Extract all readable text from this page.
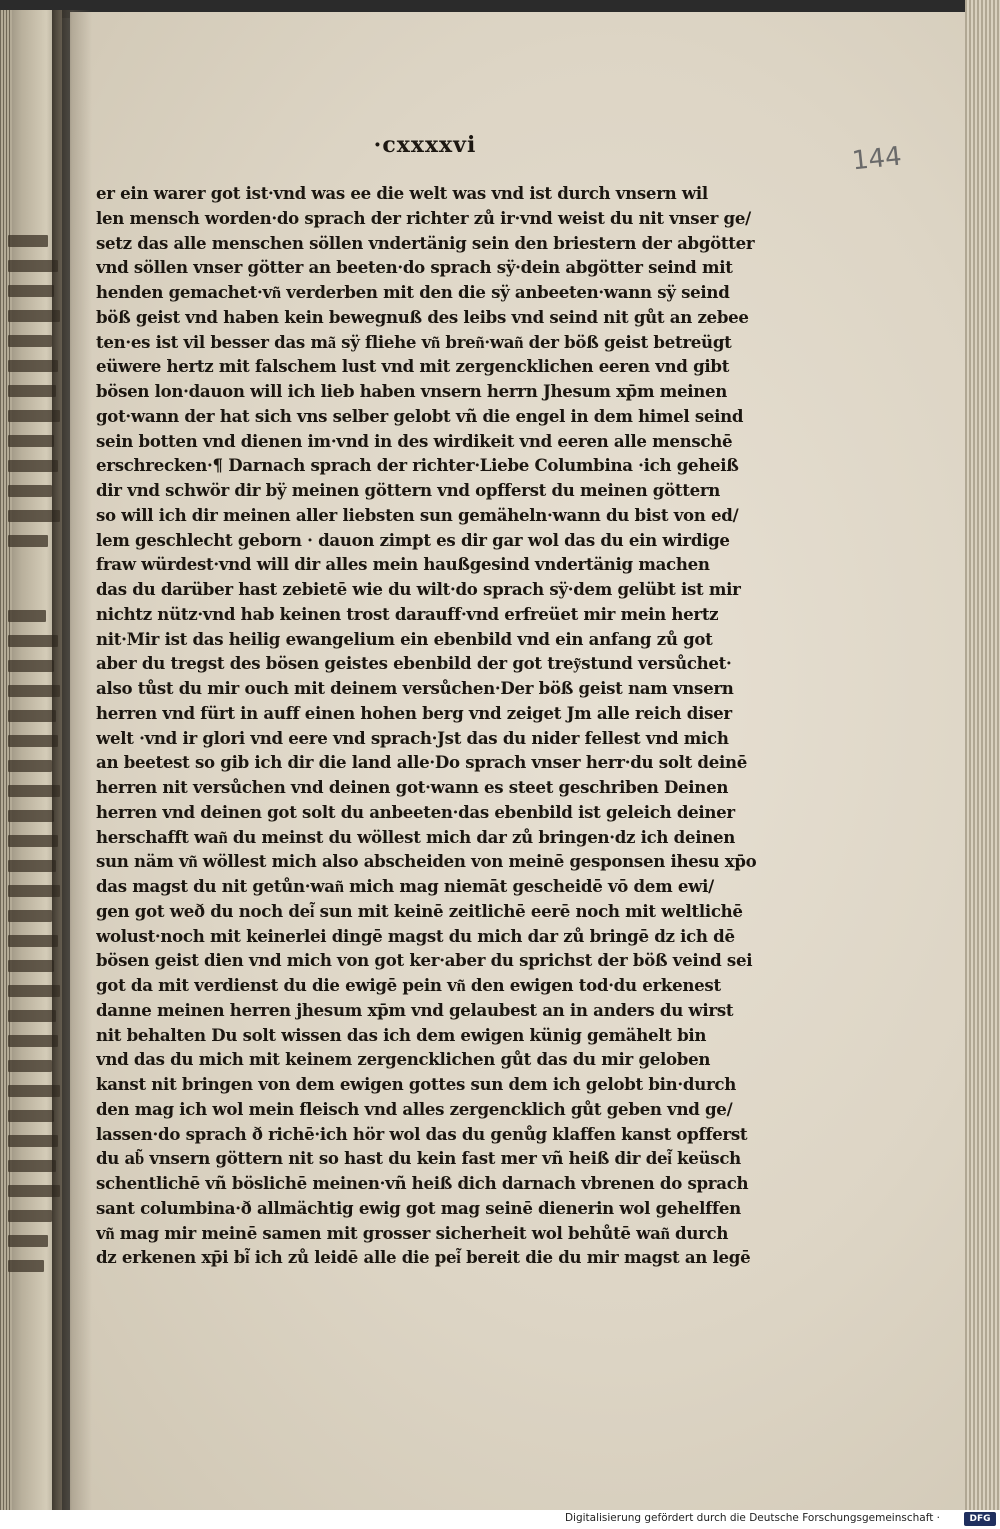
·cxxxxvi	144
er ein warer got ist·vnd was ee die welt was vnd ist durch vnsern wil
len mensch worden·do sprach der richter zů ir·vnd weist du nit vnser ge/
setz das alle menschen söllen vndertänig sein den briestern der abgötter
vnd söllen vnser götter an beeten·do sprach sÿ·dein abgötter seind mit
henden gemachet·vn͂ verderben mit den die sÿ anbeeten·wann sÿ seind
böß geist vnd haben kein bewegnuß des leibs vnd seind nit gůt an zebee
ten·es ist vil besser das ma͂ sÿ fliehe vn͂ bren͂·wan͂ der böß geist betreügt
eüwere hertz mit falschem lust vnd mit zergencklichen eeren vnd gibt
bösen lon·dauon will ich lieb haben vnsern herrn Jhesum xp̄m meinen
got·wann der hat sich vns selber gelobt vñ die engel in dem himel seind
sein botten vnd dienen im·vnd in des wirdikeit vnd eeren alle menschē
erschrecken·¶ Darnach sprach der richter·Liebe Columbina ·ich geheiß
dir vnd schwör dir bÿ meinen göttern vnd opfferst du meinen göttern
so will ich dir meinen aller liebsten sun gemäheln·wann du bist von ed/
lem geschlecht geborn · dauon zimpt es dir gar wol das du ein wirdige
fraw würdest·vnd will dir alles mein haußgesind vndertänig machen
das du darüber hast zebietē wie du wilt·do sprach sÿ·dem gelübt ist mir
nichtz nütz·vnd hab keinen trost darauff·vnd erfreüet mir mein hertz
nit·Mir ist das heilig ewangelium ein ebenbild vnd ein anfang zů got
aber du tregst des bösen geistes ebenbild der got trey͂stund versůchet·
also tůst du mir ouch mit deinem versůchen·Der böß geist nam vnsern
herren vnd fürt in auff einen hohen berg vnd zeiget Jm alle reich diser
welt ·vnd ir glori vnd eere vnd sprach·Jst das du nider fellest vnd mich
an beetest so gib ich dir die land alle·Do sprach vnser herr·du solt deinē
herren nit versůchen vnd deinen got·wann es steet geschriben Deinen
herren vnd deinen got solt du anbeeten·das ebenbild ist geleich deiner
herschafft wan͂ du meinst du wöllest mich dar zů bringen·dz ich deinen
sun näm vn͂ wöllest mich also abscheiden von meinē gesponsen ihesu xp̄o
das magst du nit getůn·wan͂ mich mag niemāt gescheidē vō dem ewi/
gen got weð du noch dei͂ sun mit keinē zeitlichē eerē noch mit weltlichē
wolust·noch mit keinerlei dingē magst du mich dar zů bringē dz ich dē
bösen geist dien vnd mich von got ker·aber du sprichst der böß veind sei
got da mit verdienst du die ewigē pein vn͂ den ewigen tod·du erkenest
danne meinen herren jhesum xp̄m vnd gelaubest an in anders du wirst
nit behalten Du solt wissen das ich dem ewigen künig gemähelt bin
vnd das du mich mit keinem zergencklichen gůt das du mir geloben
kanst nit bringen von dem ewigen gottes sun dem ich gelobt bin·durch
den mag ich wol mein fleisch vnd alles zergencklich gůt geben vnd ge/
lassen·do sprach ð richē·ich hör wol das du genůg klaffen kanst opfferst
du ab͂ vnsern göttern nit so hast du kein fast mer vñ heiß dir dei͂ keüsch
schentlichē vñ böslichē meinen·vñ heiß dich darnach vbrenen do sprach
sant columbina·ð allmächtig ewig got mag seinē dienerin wol gehelffen
vn͂ mag mir meinē samen mit grosser sicherheit wol behůtē wan͂ durch
dz erkenen xp̄i bi͂ ich zů leidē alle die pei͂ bereit die du mir magst an legē
Digitalisierung gefördert durch die Deutsche Forschungsgemeinschaft ·	DFG
